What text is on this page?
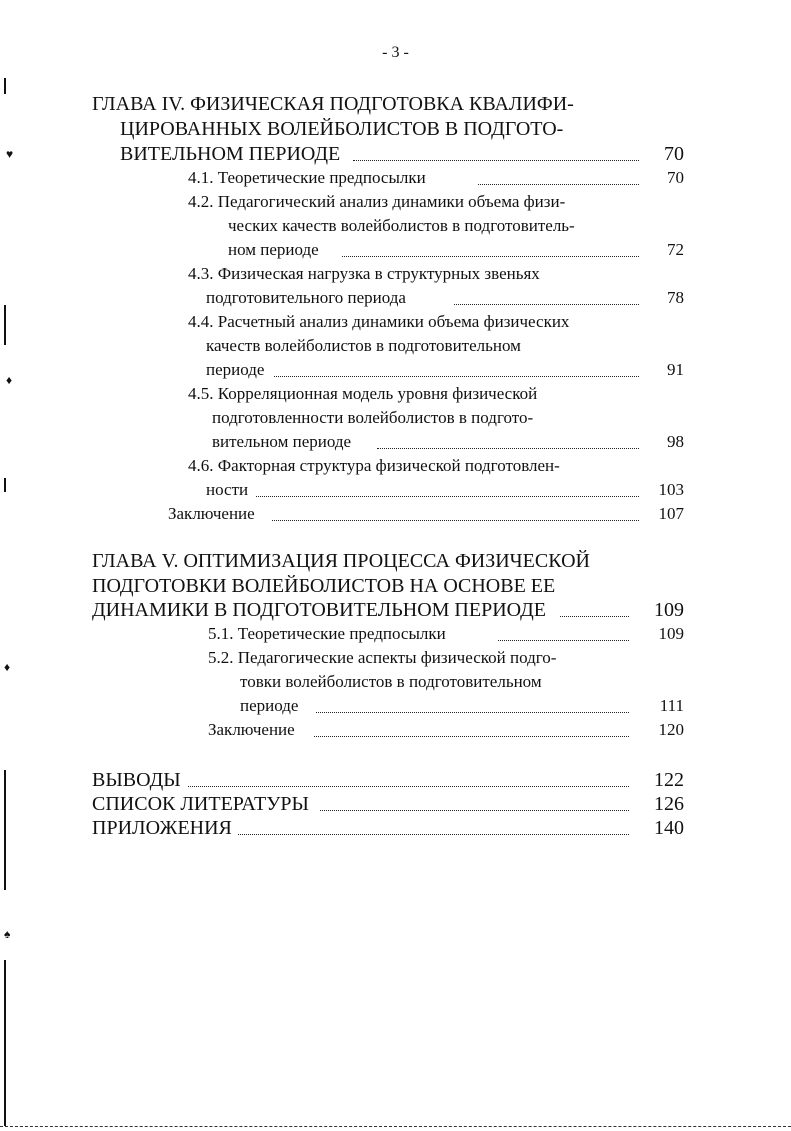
- 3 -
♥
♦
♦
♠
ГЛАВА IV. ФИЗИЧЕСКАЯ ПОДГОТОВКА КВАЛИФИ-
ЦИРОВАННЫХ ВОЛЕЙБОЛИСТОВ В ПОДГОТО-
ВИТЕЛЬНОМ ПЕРИОДЕ	70
4.1. Теоретические предпосылки	70
4.2. Педагогический анализ динамики объема физи-
ческих качеств волейболистов в подготовитель-
ном периоде	72
4.3. Физическая нагрузка в структурных звеньях
подготовительного периода	78
4.4. Расчетный анализ динамики объема физических
качеств волейболистов в подготовительном
периоде	91
4.5. Корреляционная модель уровня физической
подготовленности волейболистов в подгото-
вительном периоде	98
4.6. Факторная структура физической подготовлен-
ности	103
Заключение	107
ГЛАВА V. ОПТИМИЗАЦИЯ ПРОЦЕССА ФИЗИЧЕСКОЙ
ПОДГОТОВКИ ВОЛЕЙБОЛИСТОВ НА ОСНОВЕ ЕЕ
ДИНАМИКИ В ПОДГОТОВИТЕЛЬНОМ ПЕРИОДЕ	109
5.1. Теоретические предпосылки	109
5.2. Педагогические аспекты физической подго-
товки волейболистов в подготовительном
периоде	111
Заключение	120
ВЫВОДЫ	122
СПИСОК ЛИТЕРАТУРЫ	126
ПРИЛОЖЕНИЯ	140
